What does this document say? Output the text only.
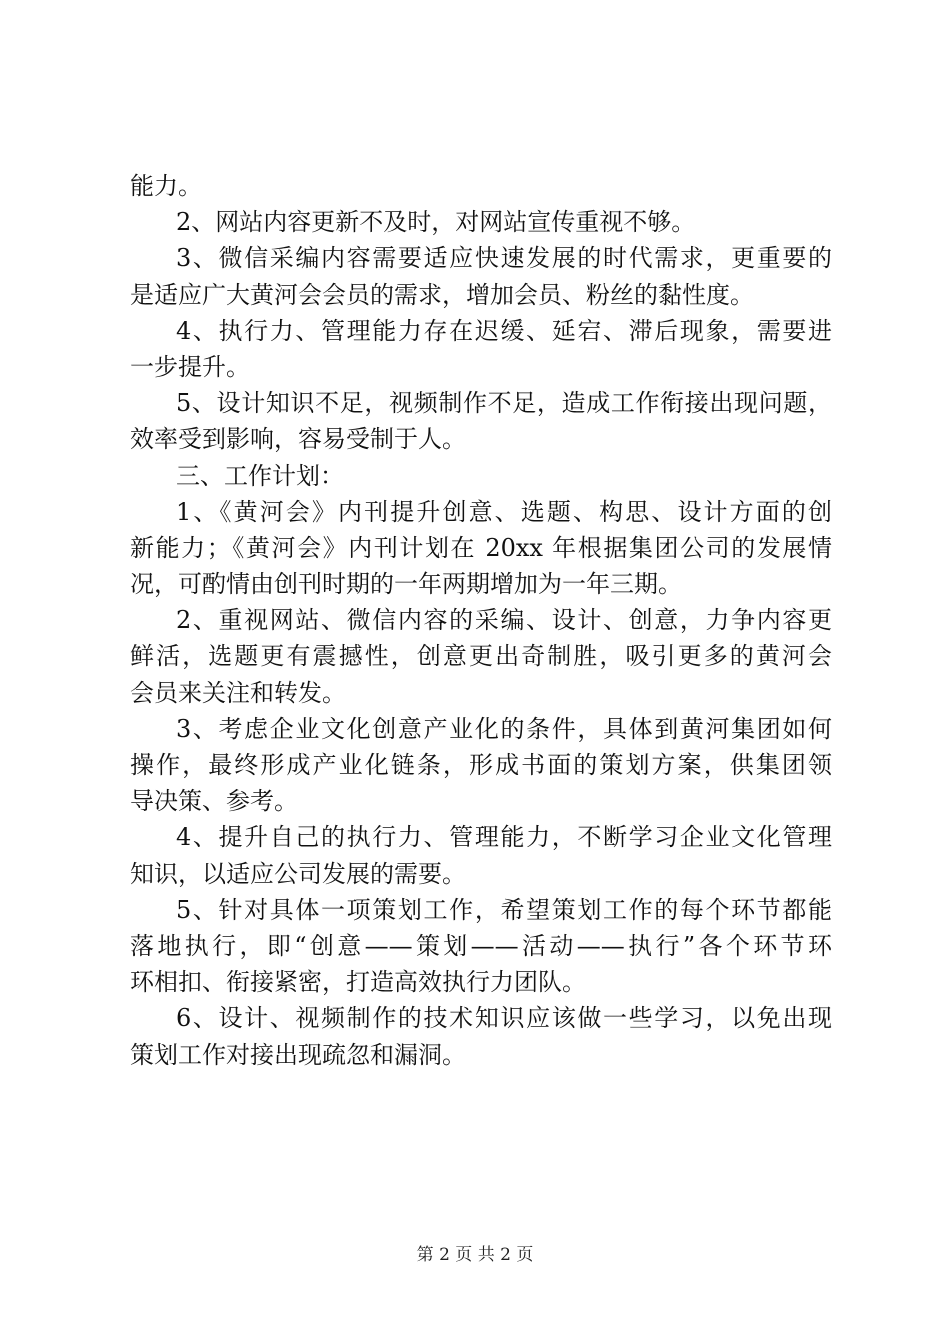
能力。
2、网站内容更新不及时，对网站宣传重视不够。
3、微信采编内容需要适应快速发展的时代需求，更重要的
是适应广大黄河会会员的需求，增加会员、粉丝的黏性度。
4、执行力、管理能力存在迟缓、延宕、滞后现象，需要进
一步提升。
5、设计知识不足，视频制作不足，造成工作衔接出现问题，
效率受到影响，容易受制于人。
三、工作计划：
1、《黄河会》内刊提升创意、选题、构思、设计方面的创
新能力；《黄河会》内刊计划在 20xx 年根据集团公司的发展情
况，可酌情由创刊时期的一年两期增加为一年三期。
2、重视网站、微信内容的采编、设计、创意，力争内容更
鲜活，选题更有震撼性，创意更出奇制胜，吸引更多的黄河会
会员来关注和转发。
3、考虑企业文化创意产业化的条件，具体到黄河集团如何
操作，最终形成产业化链条，形成书面的策划方案，供集团领
导决策、参考。
4、提升自己的执行力、管理能力，不断学习企业文化管理
知识，以适应公司发展的需要。
5、针对具体一项策划工作，希望策划工作的每个环节都能
落地执行，即“创意——策划——活动——执行”各个环节环
环相扣、衔接紧密，打造高效执行力团队。
6、设计、视频制作的技术知识应该做一些学习，以免出现
策划工作对接出现疏忽和漏洞。
第 2 页 共 2 页
